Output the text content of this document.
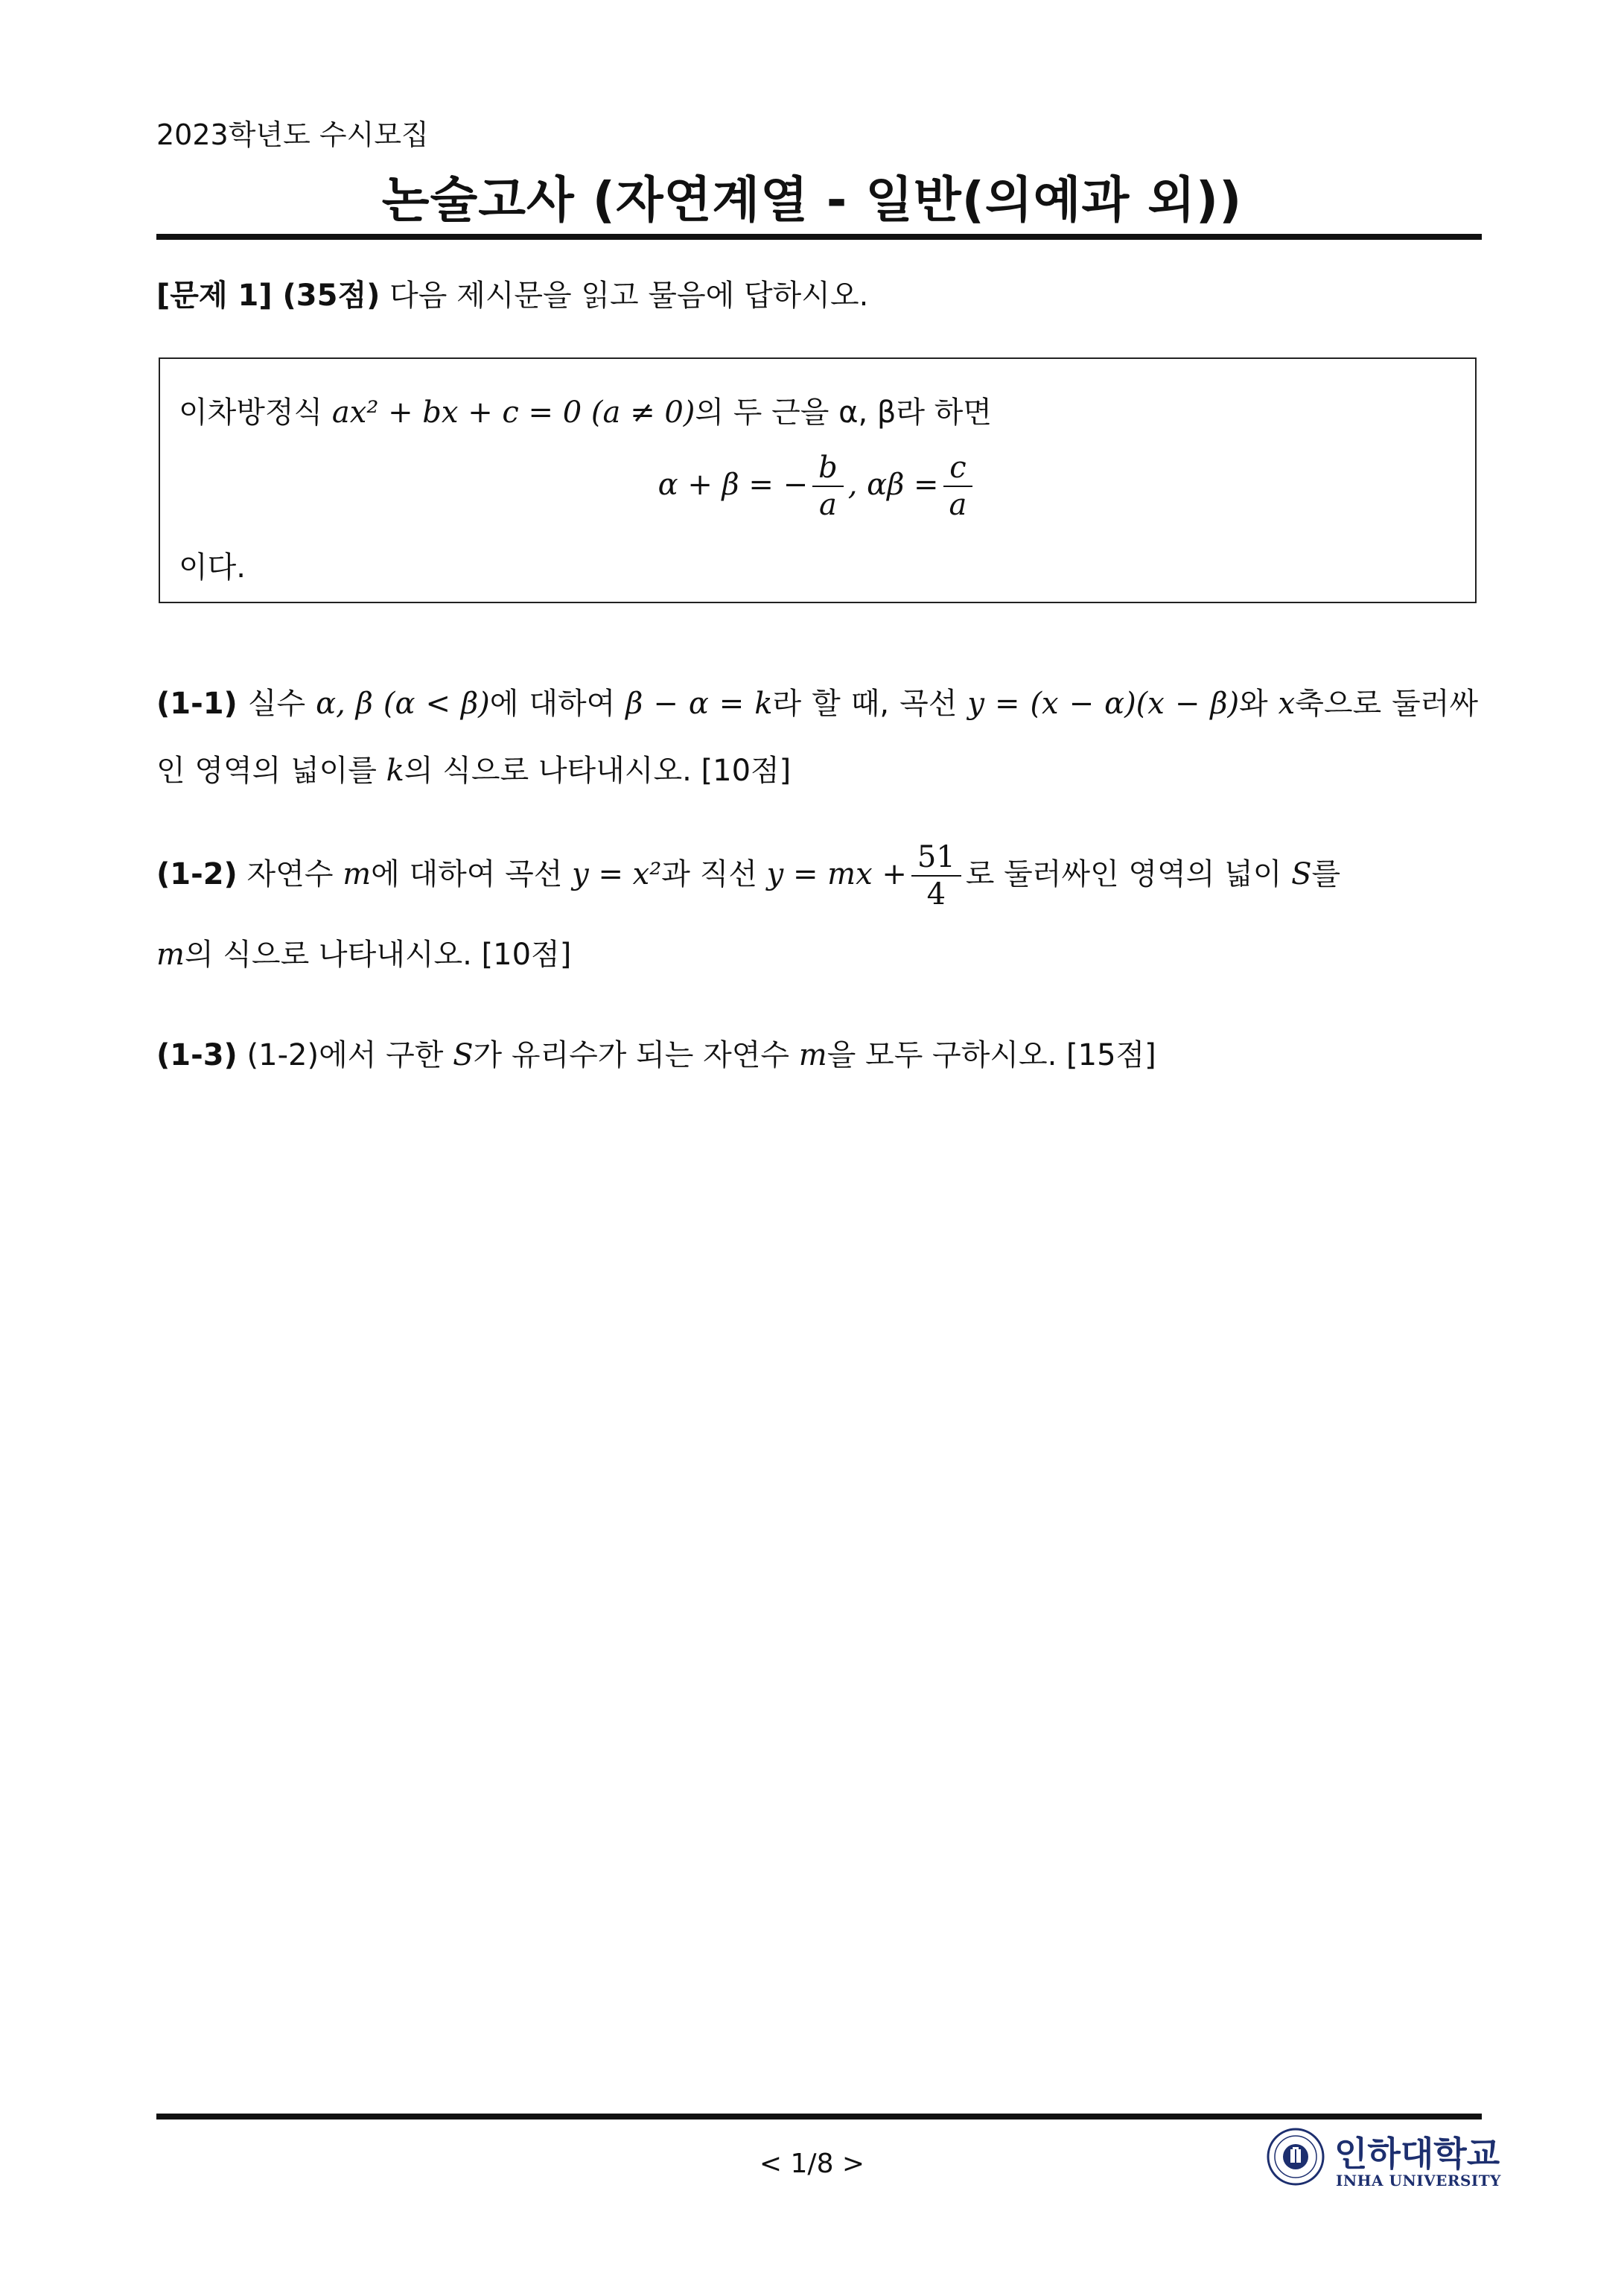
2023학년도 수시모집
논술고사 (자연계열 - 일반(의예과 외))
[문제 1] (35점) 다음 제시문을 읽고 물음에 답하시오.
이차방정식 ax² + bx + c = 0 (a ≠ 0)의 두 근을 α, β라 하면
α + β = − $\frac{b}{a}$ , $\alpha\beta = \frac{c}{a}$
이다.
(1-1) 실수 α, β (α < β)에 대하여 β − α = k라 할 때, 곡선 y = (x − α)(x − β)와 x축으로 둘러싸인 영역의 넓이를 k의 식으로 나타내시오. [10점]
(1-2) 자연수 m에 대하여 곡선 y = x²과 직선 y = mx + $\frac{51}{4}$ 로 둘러싸인 영역의 넓이 S를
m의 식으로 나타내시오. [10점]
(1-3) (1-2)에서 구한 S가 유리수가 되는 자연수 m을 모두 구하시오. [15점]
< 1/8 >	인하대학교
INHA UNIVERSITY
